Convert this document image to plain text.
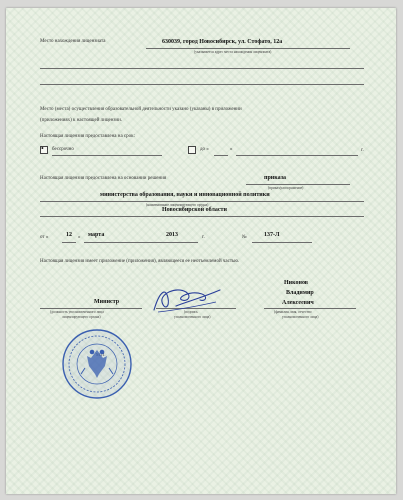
Место нахождения лицензиата	630039, город Новосибирск, ул. Стофато, 12а
(указывается адрес места нахождения лицензиата)
Место (места) осуществления образовательной деятельности указано (указаны) в приложении
(приложениях) к настоящей лицензии.
Настоящая лицензия предоставлена на срок:
• бессрочно	до «	»	г.
Настоящая лицензия предоставлена на основании решения	приказа
(приказ/распоряжение)
министерства образования, науки и инновационной политики
(наименование лицензирующего органа)
Новосибирской области
от «	12 » марта	2013	г.	№	137-Л
Настоящая лицензия имеет приложение (приложения), являющееся ее неотъемлемой частью.
Никонов
Владимир
Алексеевич
Министр
(должность уполномоченного лица
лицензирующего органа)
(подпись
уполномоченного лица)
(фамилия, имя, отчество
уполномоченного лица)
